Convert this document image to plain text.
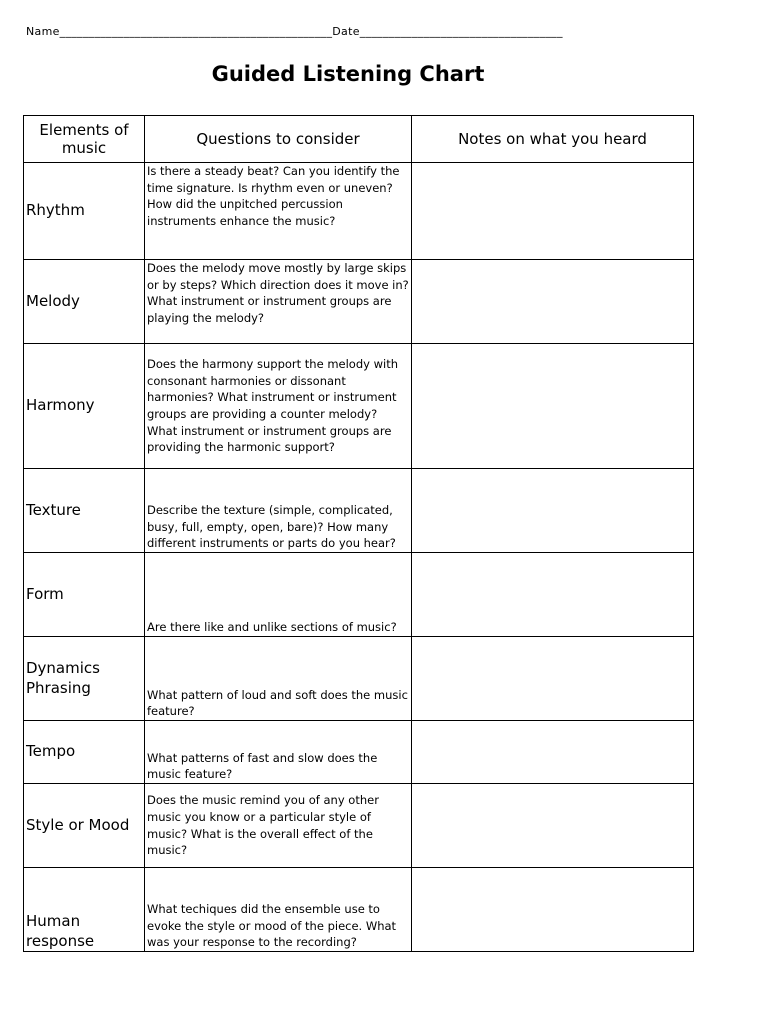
Name_______________________________________________Date___________________________________
Guided Listening Chart
Elements of music	Questions to consider	Notes on what you heard
Rhythm	Is there a steady beat? Can you identify the time signature. Is rhythm even or uneven? How did the unpitched percussion instruments enhance the music?	
Melody	Does the melody move mostly by large skips or by steps? Which direction does it move in? What instrument or instrument groups are playing the melody?	
Harmony	Does the harmony support the melody with consonant harmonies or dissonant harmonies? What instrument or instrument groups are providing a counter melody? What instrument or instrument groups are providing the harmonic support?	
Texture	Describe the texture (simple, complicated, busy, full, empty, open, bare)? How many different instruments or parts do you hear?	
Form	Are there like and unlike sections of music?	
Dynamics Phrasing	What pattern of loud and soft does the music feature?	
Tempo	What patterns of fast and slow does the music feature?	
Style or Mood	Does the music remind you of any other music you know or a particular style of music? What is the overall effect of the music?	
Human response	What techiques did the ensemble use to evoke the style or mood of the piece. What was your response to the recording?	
